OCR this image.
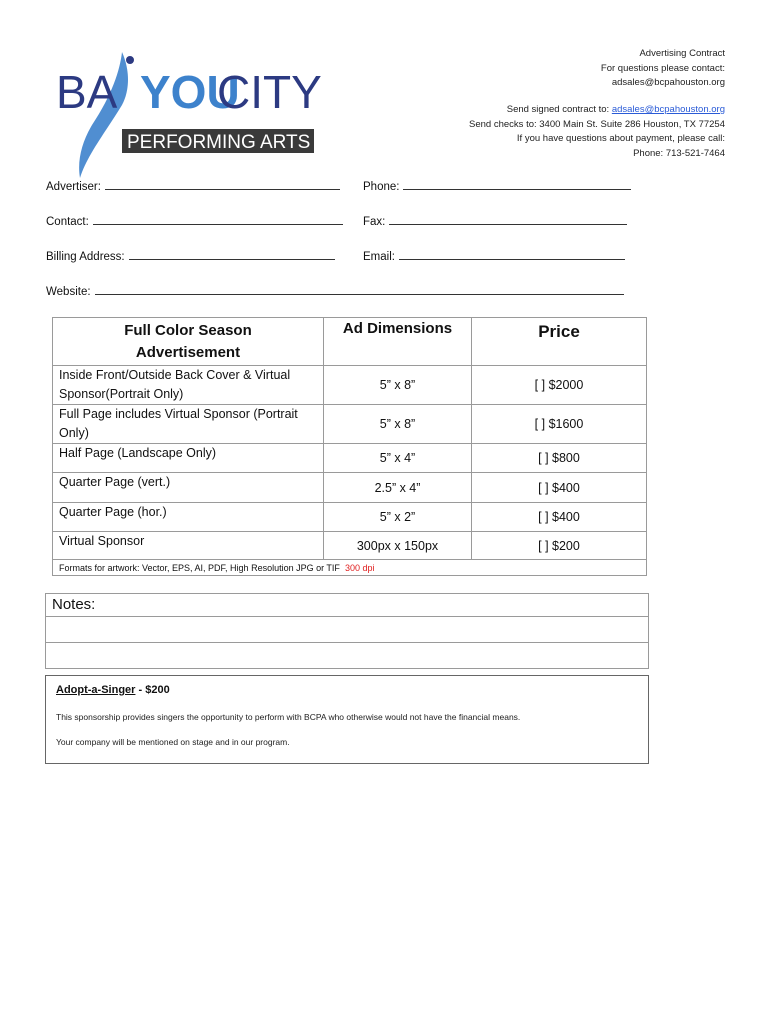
BA YOU
CITY
PERFORMING ARTS
Advertising Contract
For questions please contact:
adsales@bcpahouston.org
Send signed contract to: adsales@bcpahouston.org
Send checks to: 3400 Main St. Suite 286 Houston, TX 77254
If you have questions about payment, please call:
Phone: 713-521-7464
Advertiser:	Phone:
Contact:	Fax:
Billing Address:	Email:
Website:
Full Color Season Advertisement	Ad Dimensions	Price
Inside Front/Outside Back Cover & Virtual Sponsor(Portrait Only)	5” x 8”	[ ] $2000
Full Page includes Virtual Sponsor (Portrait Only)	5” x 8”	[ ] $1600
Half Page (Landscape Only)	5” x 4”	[ ] $800
Quarter Page (vert.)	2.5” x 4”	[ ] $400
Quarter Page (hor.)	5” x 2”	[ ] $400
Virtual Sponsor	300px x 150px	[ ] $200
Formats for artwork: Vector, EPS, AI, PDF, High Resolution JPG or TIF 300 dpi		
Notes:
Adopt-a-Singer - $200
This sponsorship provides singers the opportunity to perform with BCPA who otherwise would not have the financial means.
Your company will be mentioned on stage and in our program.
